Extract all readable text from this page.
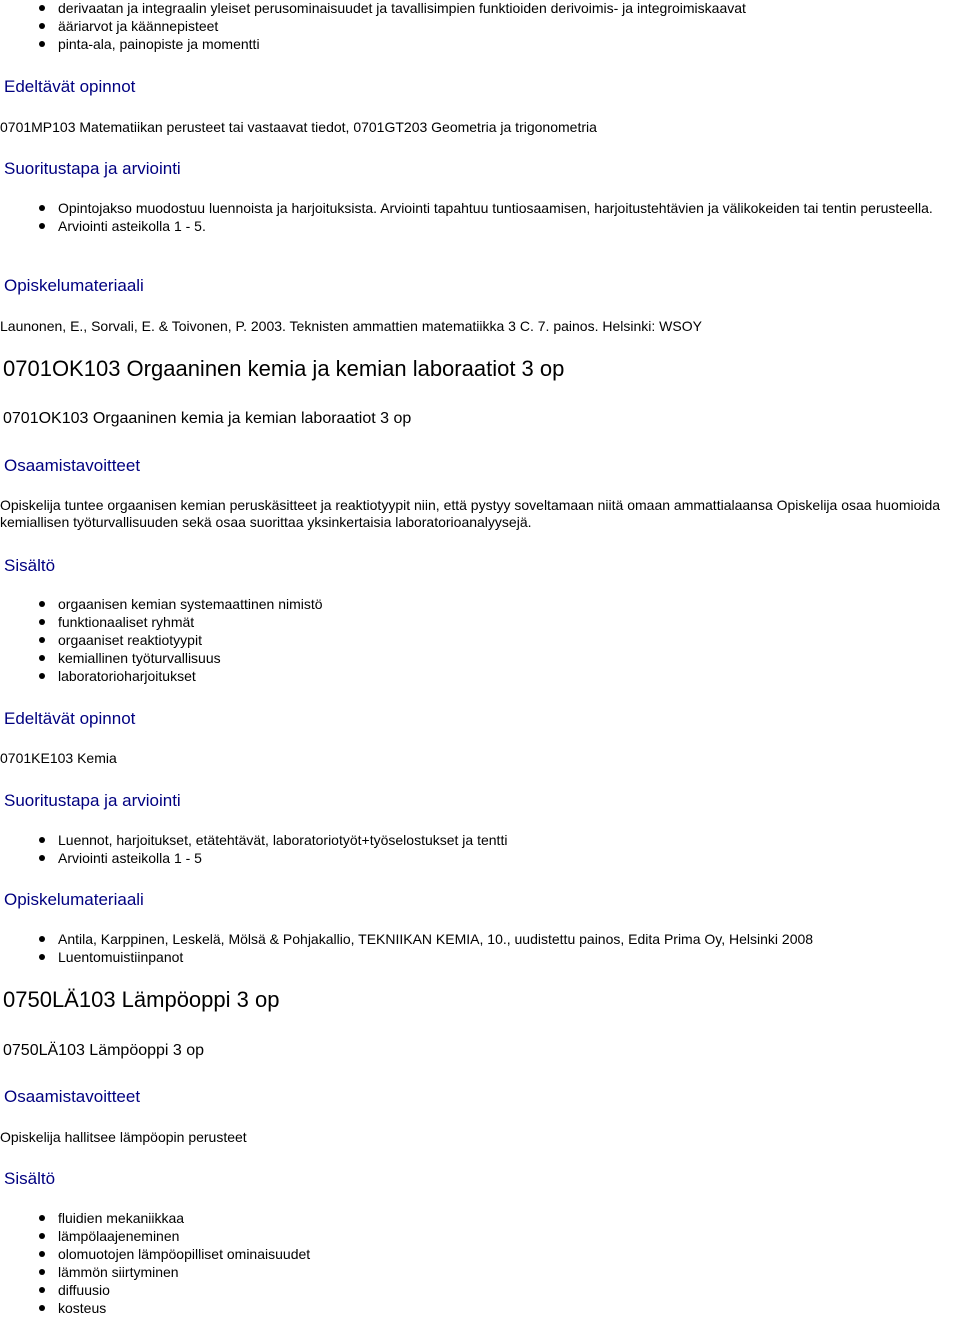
derivaatan ja integraalin yleiset perusominaisuudet ja tavallisimpien funktioiden derivoimis- ja integroimiskaavat
ääriarvot ja käännepisteet
pinta-ala, painopiste ja momentti
Edeltävät opinnot
0701MP103 Matematiikan perusteet tai vastaavat tiedot, 0701GT203 Geometria ja trigonometria
Suoritustapa ja arviointi
Opintojakso muodostuu luennoista ja harjoituksista. Arviointi tapahtuu tuntiosaamisen, harjoitustehtävien ja välikokeiden tai tentin perusteella.
Arviointi asteikolla 1 - 5.
Opiskelumateriaali
Launonen, E., Sorvali, E. & Toivonen, P. 2003. Teknisten ammattien matematiikka 3 C. 7. painos. Helsinki: WSOY
0701OK103 Orgaaninen kemia ja kemian laboraatiot 3 op
0701OK103 Orgaaninen kemia ja kemian laboraatiot 3 op
Osaamistavoitteet
Opiskelija tuntee orgaanisen kemian peruskäsitteet ja reaktiotyypit niin, että pystyy soveltamaan niitä omaan ammattialaansa Opiskelija osaa huomioida kemiallisen työturvallisuuden sekä osaa suorittaa yksinkertaisia laboratorioanalyysejä.
Sisältö
orgaanisen kemian systemaattinen nimistö
funktionaaliset ryhmät
orgaaniset reaktiotyypit
kemiallinen työturvallisuus
laboratorioharjoitukset
Edeltävät opinnot
0701KE103 Kemia
Suoritustapa ja arviointi
Luennot, harjoitukset, etätehtävät, laboratoriotyöt+työselostukset ja tentti
Arviointi asteikolla 1 - 5
Opiskelumateriaali
Antila, Karppinen, Leskelä, Mölsä & Pohjakallio, TEKNIIKAN KEMIA, 10., uudistettu painos, Edita Prima Oy, Helsinki 2008
Luentomuistiinpanot
0750LÄ103 Lämpöoppi 3 op
0750LÄ103 Lämpöoppi 3 op
Osaamistavoitteet
Opiskelija hallitsee lämpöopin perusteet
Sisältö
fluidien mekaniikkaa
lämpölaajeneminen
olomuotojen lämpöopilliset ominaisuudet
lämmön siirtyminen
diffuusio
kosteus
